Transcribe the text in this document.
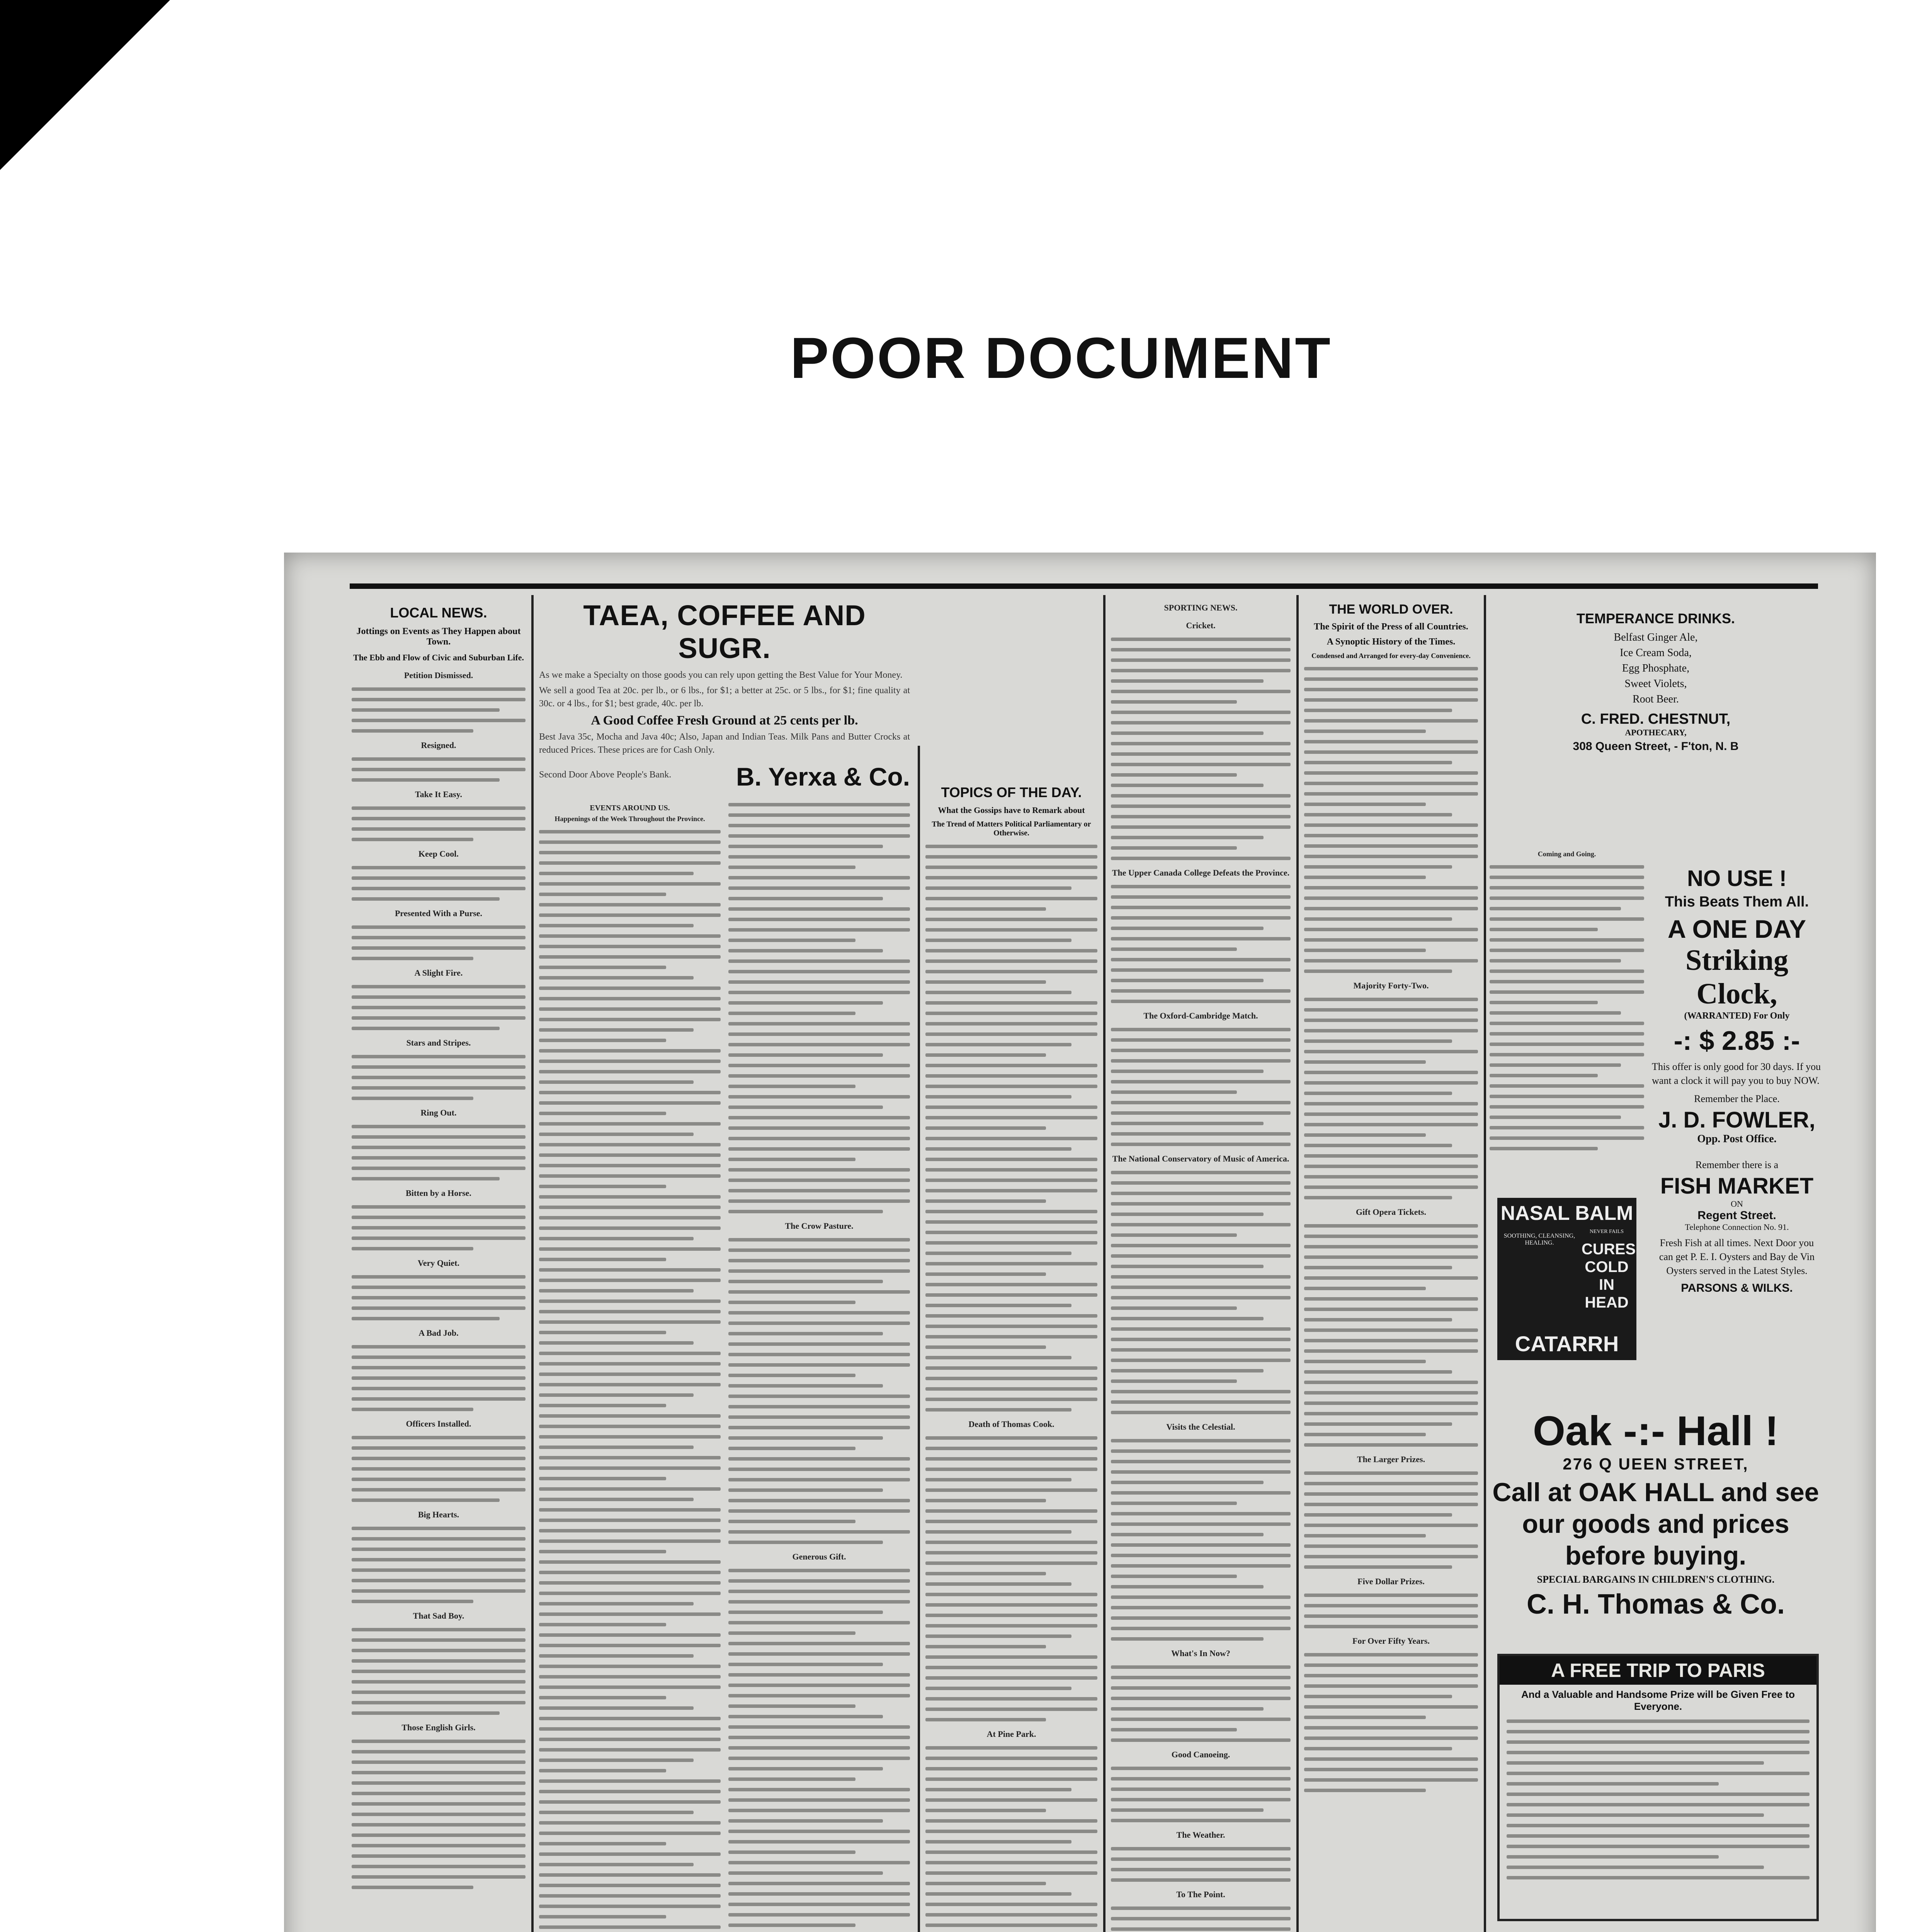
POOR DOCUMENT
LOCAL NEWS.
Jottings on Events as They Happen about Town.
The Ebb and Flow of Civic and Suburban Life.
Petition Dismissed.
Resigned.
Take It Easy.
Keep Cool.
Presented With a Purse.
A Slight Fire.
Stars and Stripes.
Ring Out.
Bitten by a Horse.
Very Quiet.
A Bad Job.
Officers Installed.
Big Hearts.
That Sad Boy.
Those English Girls.
TAEA, COFFEE AND SUGR.
As we make a Specialty on those goods you can rely upon getting the Best Value for Your Money.
We sell a good Tea at 20c. per lb., or 6 lbs., for $1; a better at 25c. or 5 lbs., for $1; fine quality at 30c. or 4 lbs., for $1; best grade, 40c. per lb.
A Good Coffee Fresh Ground at 25 cents per lb.
Best Java 35c, Mocha and Java 40c; Also, Japan and Indian Teas. Milk Pans and Butter Crocks at reduced Prices. These prices are for Cash Only.
B. Yerxa & Co.
Second Door Above People's Bank.
EVENTS AROUND US.
Happenings of the Week Throughout the Province.
The Crow Pasture.
Generous Gift.
TOPICS OF THE DAY.
What the Gossips have to Remark about
The Trend of Matters Political Parliamentary or Otherwise.
Death of Thomas Cook.
At Pine Park.
SPORTING NEWS.
Cricket.
The Upper Canada College Defeats the Province.
The Oxford-Cambridge Match.
The National Conservatory of Music of America.
Visits the Celestial.
What's In Now?
Good Canoeing.
The Weather.
To The Point.
THE WORLD OVER.
The Spirit of the Press of all Countries.
A Synoptic History of the Times.
Condensed and Arranged for every-day Convenience.
Majority Forty-Two.
Gift Opera Tickets.
The Larger Prizes.
Five Dollar Prizes.
For Over Fifty Years.
TEMPERANCE DRINKS.
Belfast Ginger Ale,
Ice Cream Soda,
Egg Phosphate,
Sweet Violets,
Root Beer.
C. FRED. CHESTNUT,
APOTHECARY,
308 Queen Street, - F'ton, N. B
Coming and Going.
NO USE !
This Beats Them All.
A ONE DAY
Striking
Clock,
(WARRANTED) For Only
-: $ 2.85 :-
This offer is only good for 30 days. If you want a clock it will pay you to buy NOW.
Remember the Place.
J. D. FOWLER,
Opp. Post Office.
NASAL BALM
SOOTHING, CLEANSING, HEALING.
NEVER FAILS
CURES COLD IN HEAD
CATARRH
Remember there is a
FISH MARKET
ON
Regent Street.
Telephone Connection No. 91.
Fresh Fish at all times. Next Door you can get P. E. I. Oysters and Bay de Vin Oysters served in the Latest Styles.
PARSONS & WILKS.
Oak -:- Hall !
276 Q UEEN STREET,
Call at OAK HALL and see our goods and prices before buying.
SPECIAL BARGAINS IN CHILDREN'S CLOTHING.
C. H. Thomas & Co.
A FREE TRIP TO PARIS
And a Valuable and Handsome Prize will be Given Free to Everyone.
